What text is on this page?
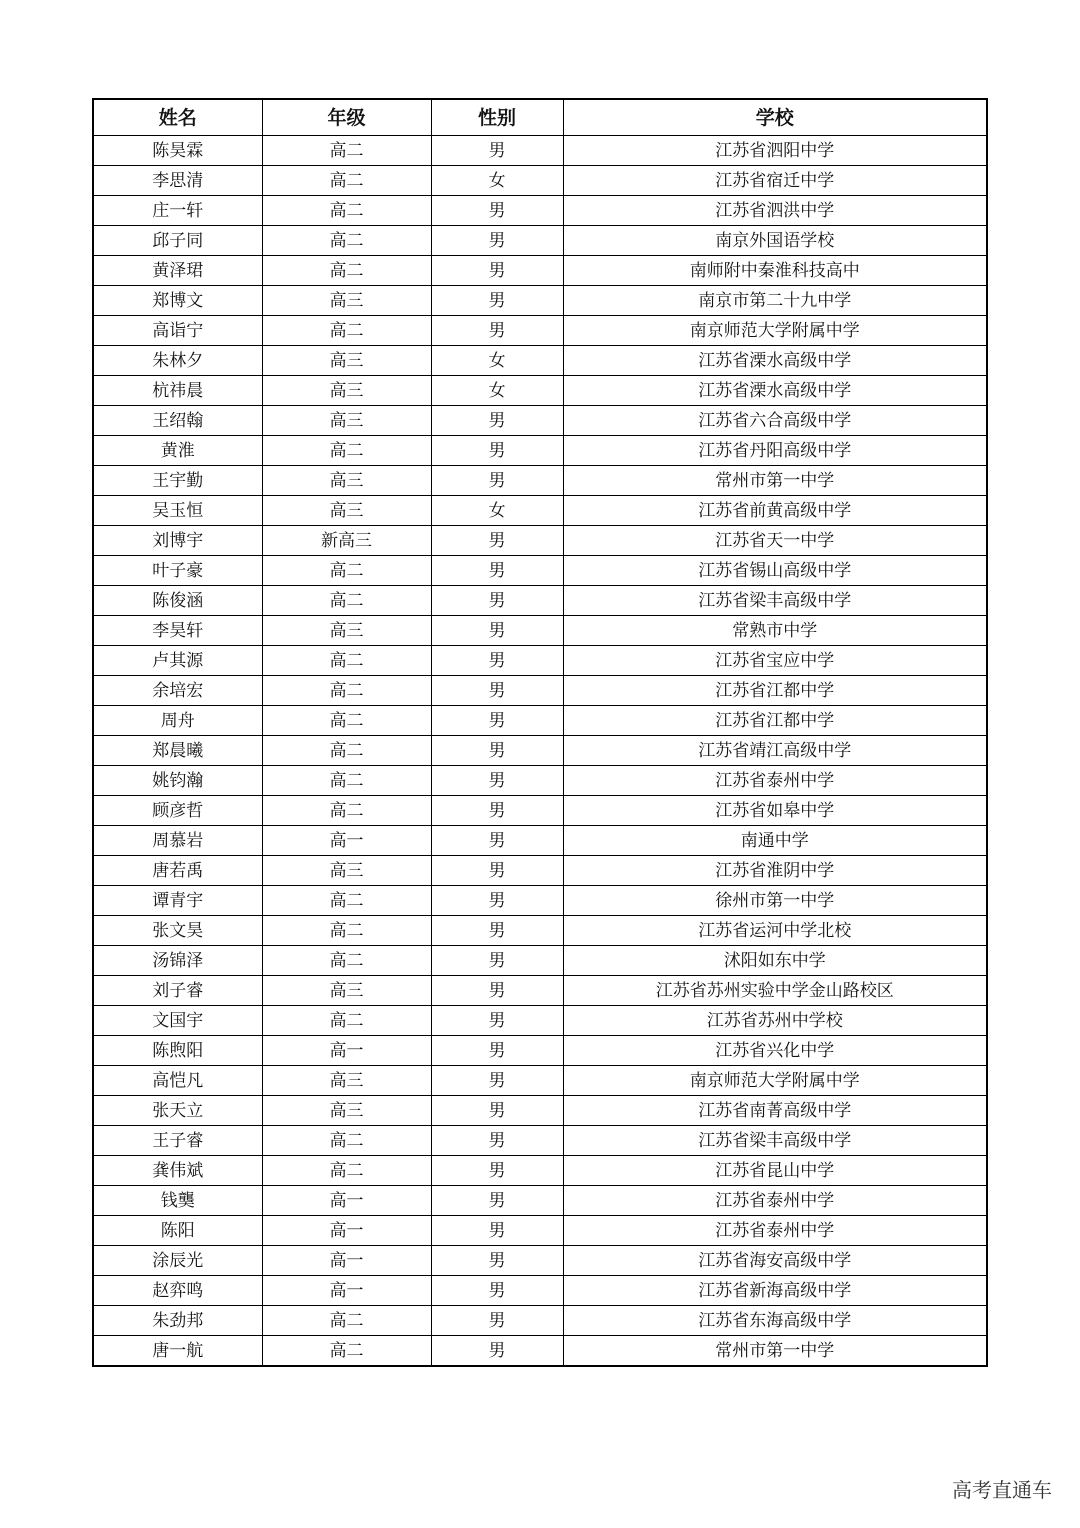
姓名	年级	性别	学校
陈昊霖	高二	男	江苏省泗阳中学
李思清	高二	女	江苏省宿迁中学
庄一轩	高二	男	江苏省泗洪中学
邱子同	高二	男	南京外国语学校
黄泽珺	高二	男	南师附中秦淮科技高中
郑博文	高三	男	南京市第二十九中学
高诣宁	高二	男	南京师范大学附属中学
朱林夕	高三	女	江苏省溧水高级中学
杭祎晨	高三	女	江苏省溧水高级中学
王绍翰	高三	男	江苏省六合高级中学
黄淮	高二	男	江苏省丹阳高级中学
王宇勤	高三	男	常州市第一中学
吴玉恒	高三	女	江苏省前黄高级中学
刘博宇	新高三	男	江苏省天一中学
叶子豪	高二	男	江苏省锡山高级中学
陈俊涵	高二	男	江苏省梁丰高级中学
李昊轩	高三	男	常熟市中学
卢其源	高二	男	江苏省宝应中学
余培宏	高二	男	江苏省江都中学
周舟	高二	男	江苏省江都中学
郑晨曦	高二	男	江苏省靖江高级中学
姚钧瀚	高二	男	江苏省泰州中学
顾彦哲	高二	男	江苏省如皋中学
周慕岩	高一	男	南通中学
唐若禹	高三	男	江苏省淮阴中学
谭青宇	高二	男	徐州市第一中学
张文昊	高二	男	江苏省运河中学北校
汤锦泽	高二	男	沭阳如东中学
刘子睿	高三	男	江苏省苏州实验中学金山路校区
文国宇	高二	男	江苏省苏州中学校
陈煦阳	高一	男	江苏省兴化中学
高恺凡	高三	男	南京师范大学附属中学
张天立	高三	男	江苏省南菁高级中学
王子睿	高二	男	江苏省梁丰高级中学
龚伟斌	高二	男	江苏省昆山中学
钱龑	高一	男	江苏省泰州中学
陈阳	高一	男	江苏省泰州中学
涂辰光	高一	男	江苏省海安高级中学
赵弈鸣	高一	男	江苏省新海高级中学
朱劲邦	高二	男	江苏省东海高级中学
唐一航	高二	男	常州市第一中学
高考直通车
